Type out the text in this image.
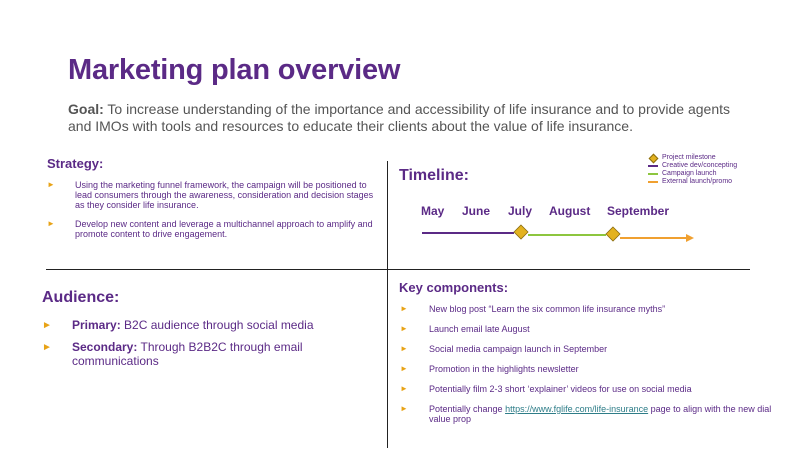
Marketing plan overview
Goal: To increase understanding of the importance and accessibility of life insurance and to provide agents and IMOs with tools and resources to educate their clients about the value of life insurance.
Strategy:
► Using the marketing funnel framework, the campaign will be positioned to lead consumers through the awareness, consideration and decision stages as they consider life insurance.
► Develop new content and leverage a multichannel approach to amplify and promote content to drive engagement.
Timeline:
Project milestone
Creative dev/concepting
Campaign launch
External launch/promo
May June July August September
Audience:
► Primary: B2C audience through social media
► Secondary: Through B2B2C through email communications
Key components:
► New blog post “Learn the six common life insurance myths”
► Launch email late August
► Social media campaign launch in September
► Promotion in the highlights newsletter
► Potentially film 2-3 short ‘explainer’ videos for use on social media
► Potentially change https://www.fglife.com/life-insurance page to align with the new dial value prop
